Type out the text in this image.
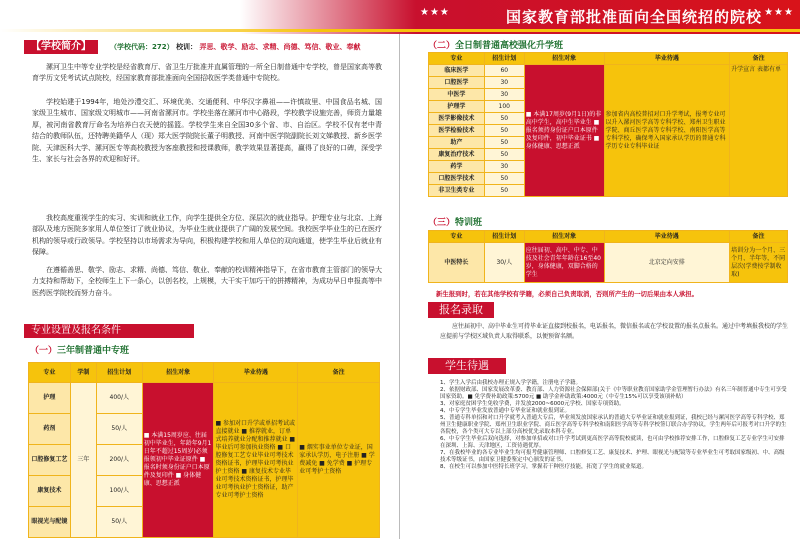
★★★	国家教育部批准面向全国统招的院校 ★★★
【学校简介】	（学校代码：272） 校训： 弄思、敬学、励志、求精、尚德、笃信、敬业、奉献
漯河卫生中等专业学校是经省教育厅、省卫生厅批准并直属管理的一所全日制普通中专学校，曾是国家高等教育学历文凭考试试点院校，经国家教育部批准面向全国招收医学类普通中专院校。
学校始建于1994年，地处沙澧交汇、环境优美、交通便利、中华汉字鼻祖——许慎故里、中国食品名城、国家级卫生城市、国家级文明城市——河南省漯河市。学校坐落在漯河市中心路段，学校教学设施完善，师资力量雄厚，被河南省教育厅命名为培养白衣天使的摇篮。学校学生来自全国30多个省、市、自治区。学校不仅有老中青结合的教师队伍，还特聘美籍华人（现）郑大医学院院长董子明教授、河南中医学院副院长刘文娣教授、新乡医学院、天津医科大学、漯河医专等高校教授为客座教授和授课教师，教学效果显著提高，赢得了良好的口碑，深受学生、家长与社会各界的欢迎和好评。
我校高度重视学生的实习、实训和就业工作，向学生提供全方位、深层次的就业指导。护理专业与北京、上海部队及地方医院多家用人单位签订了就业协议，为毕业生就业提供了广阔的发展空间。我校医学毕业生的已在医疗机构的领导或行政领导。学校坚持以市场需求为导向，积极构建学校和用人单位的双向通道，使学生毕业后就业有保障。
在遵循善思、敬学、励志、求精、尚德、笃信、敬业、奉献的校训精神指导下，在省市教育主管部门的领导大力支持和帮助下，全校师生上下一条心，以创名校，上规模，大干实干加巧干的拼搏精神，为成功早日申报高等中医药医学院校而努力奋斗。
专业设置及报名条件
（一）三年制普通中专班
专业	学制	招生计划	招生对象	毕业待遇	备注
护理	三年	400/人	■ 本满15周岁应、往届初中毕业生，年龄年9月1日年不超过15周岁)必须报领初中毕业证原件 ■ 报名时须身份证户口本原件及复印件 ■ 身体健康、思想正派	■ 参加对口升学或单招考试或直接就业 ■ 推荐就业，订单式培养就业分配和推荐就业 ■ 毕业后可参加执业资格 ■ 口腔修复工艺专业毕业可考技术资格证书，护理毕业可考执业护士资格 ■ 康复技术专业毕业可考技术资格证书，护理毕业可考执业护士资格证，助产专业可考护士资格	■ 烟实事业单位专业证，国家承认学历，电子注册 ■ 学费减免 ■ 免学费 ■ 护理专业可考护士资格
药剂		50/人			
口腔修复工艺		200/人			
康复技术		100/人			
眼视光与配镜		50/人			
（二）全日制普通高校强化升学班
专业	招生计划	招生对象	毕业待遇	备注
临床医学	60	■ 本满17周岁(9月1日)的非高中学生，高中生毕业生 ■ 报名须持身份证户口本原件及复印件，初中毕业证书 ■ 身体健康、思想正派	参加省内高校普招对口升学考试，报考专业可以升入漯河医学高等专科学校、郑州卫生职业学院、商丘医学高等专科学校、南阳医学高等专科学校，确保考入国家承认学历的普通专科学历专业专科毕业证	升学宣言 表都有单
口腔医学	30			
中医学	30			
护理学	100			
医学影像技术	50			
医学检验技术	50			
助产	50			
康复治疗技术	50			
药学	30			
口腔医学技术	50			
非卫生类专业	50			
（三）特训班
专业	招生计划	招生对象	毕业待遇	备注
中医特长	30/人	应往届初、高中、中专、中技及社会青年年龄在16至40岁，身体健康，双脚合格的学生	北京定向安排	培训分为一个月、三个月、半年等，不同层次(学费按学制收取)
新生报到时，若在其他学校有学籍，必须自己负责取消，否则所产生的一切后果由本人承担。
报名录取
应往届初中、高中毕业生可持毕业证直接到校报名，电话报名，微信报名或在学校设置的报名点报名。通过中考填报我校的学生应提前与学校区域负责人取得联系，以便预留名额。
学生待遇
1、学生入学后由我校办理正规入学学籍，注册电子学籍。
2、依据财政部、国家发展改革委、教育部、人力资源社会保障部(关于《中等职业教育国家助学金管理暂行办法》有名三年制普通中专生可享受国家资助。■ 免学费补助政策:5700元 ■ 助学金补助政策:4000元（中专生15%可以享受该项补贴）
3、对家庭贫困学生免收学费，并发放2000~6000元学校、国家专项资助。
4、中专学生毕业发放普通中专毕业证和就业报到证。
5、普通专科单招和对口升学就考入普通大专后，毕业须发放国家承认的普通大专毕业证和就业报到证，我校已经与漯河医学高等专科学校、郑州卫生健康职业学院、郑州卫生职业学院、商丘医学高等专科学校和南阳医学高等专科学校签订联合办学协议，学生两年后可报考对口升学的生各院校，各个类可大专以上部分高校优先录取本科专业。
6、中专学生毕业后双向选择，对参加单招或对口升学考试到更高医学高等院校就读，也可由学校推荐安排工作，口腔修复工艺专业学生可安排在深圳、上海、天津地区，工资待遇优厚。
7、在我校毕业的各专业毕业生均可报考健康管理师、口腔修复工艺、康复技术、护理、眼视光与配镜等专业毕业生可考取国家级初、中、高级技术等级证书，由国家卫健委鉴定中心颁发的证书。
8、在校生可以参加中医特长班学习，掌握若干种医疗技能，拓宽了学生的就业渠道。
